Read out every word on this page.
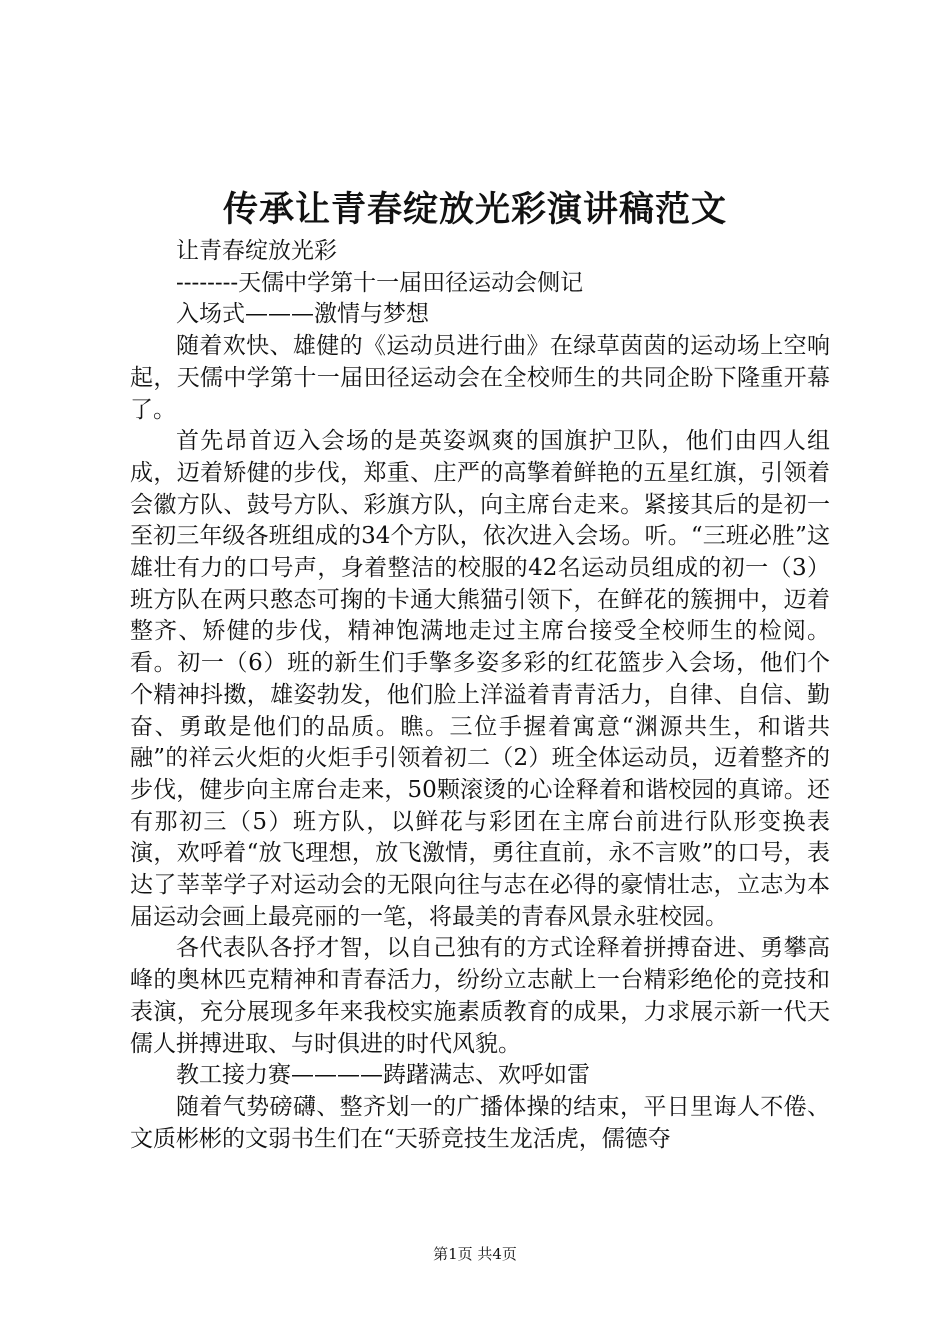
传承让青春绽放光彩演讲稿范文

让青春绽放光彩

--------天儒中学第十一届田径运动会侧记

入场式———激情与梦想

随着欢快、雄健的《运动员进行曲》在绿草茵茵的运动场上空响起，天儒中学第十一届田径运动会在全校师生的共同企盼下隆重开幕了。

首先昂首迈入会场的是英姿飒爽的国旗护卫队，他们由四人组成，迈着矫健的步伐，郑重、庄严的高擎着鲜艳的五星红旗，引领着会徽方队、鼓号方队、彩旗方队，向主席台走来。紧接其后的是初一至初三年级各班组成的34个方队，依次进入会场。听。“三班必胜”这雄壮有力的口号声，身着整洁的校服的42名运动员组成的初一（3）班方队在两只憨态可掬的卡通大熊猫引领下，在鲜花的簇拥中，迈着整齐、矫健的步伐，精神饱满地走过主席台接受全校师生的检阅。看。初一（6）班的新生们手擎多姿多彩的红花篮步入会场，他们个个精神抖擞，雄姿勃发，他们脸上洋溢着青青活力，自律、自信、勤奋、勇敢是他们的品质。瞧。三位手握着寓意“渊源共生，和谐共融”的祥云火炬的火炬手引领着初二（2）班全体运动员，迈着整齐的步伐，健步向主席台走来，50颗滚烫的心诠释着和谐校园的真谛。还有那初三（5）班方队，以鲜花与彩团在主席台前进行队形变换表演，欢呼着“放飞理想，放飞激情，勇往直前，永不言败”的口号，表达了莘莘学子对运动会的无限向往与志在必得的豪情壮志，立志为本届运动会画上最亮丽的一笔，将最美的青春风景永驻校园。

各代表队各抒才智，以自己独有的方式诠释着拼搏奋进、勇攀高峰的奥林匹克精神和青春活力，纷纷立志献上一台精彩绝伦的竞技和表演，充分展现多年来我校实施素质教育的成果，力求展示新一代天儒人拼搏进取、与时俱进的时代风貌。

教工接力赛————踌躇满志、欢呼如雷

随着气势磅礴、整齐划一的广播体操的结束，平日里诲人不倦、文质彬彬的文弱书生们在“天骄竞技生龙活虎，儒德夺

第1页 共4页
